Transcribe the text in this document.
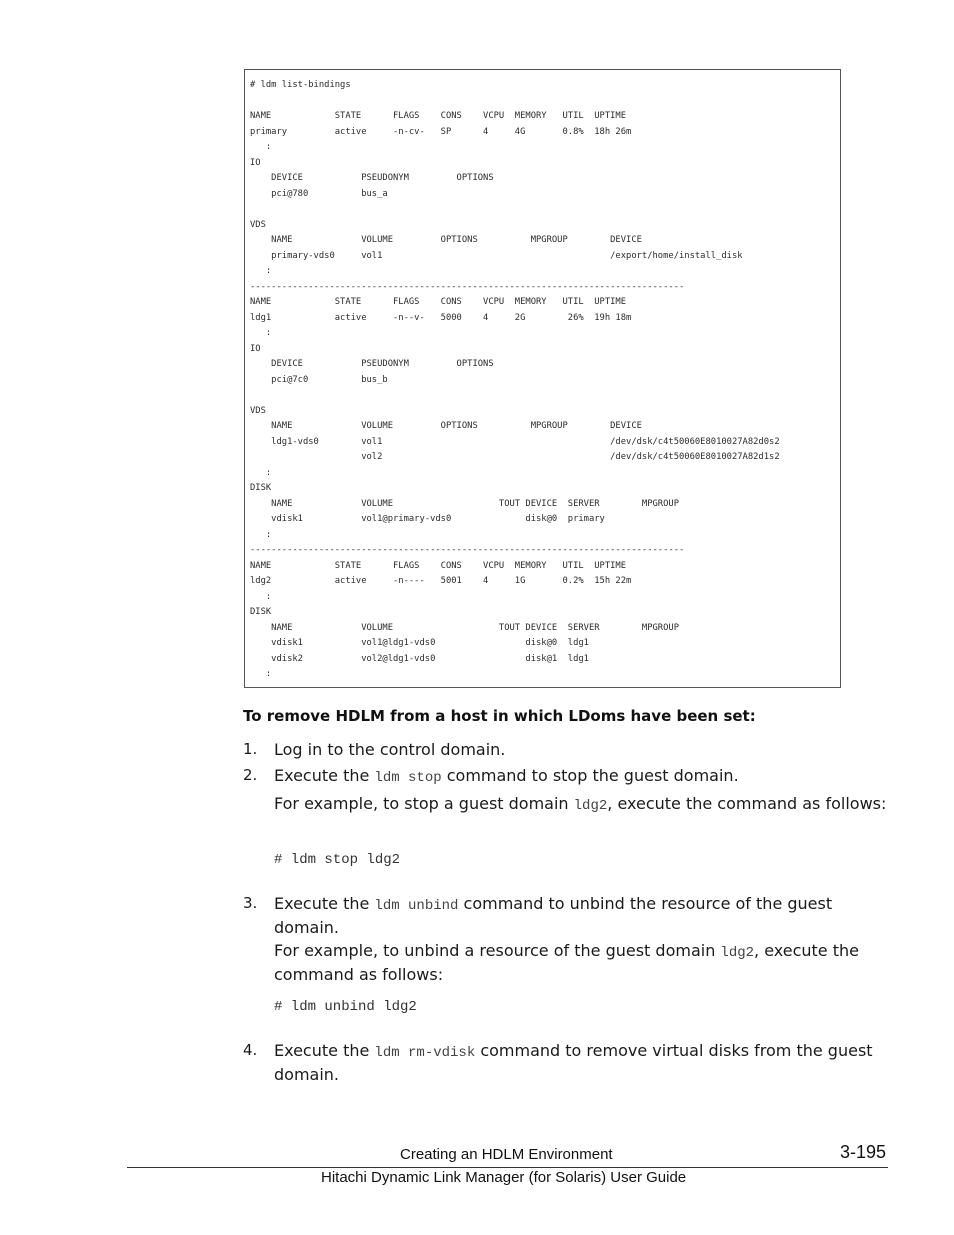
# ldm list-bindings

NAME            STATE      FLAGS    CONS    VCPU  MEMORY   UTIL  UPTIME
primary         active     -n-cv-   SP      4     4G       0.8%  18h 26m
:
IO
DEVICE           PSEUDONYM         OPTIONS
pci@780          bus_a

VDS
NAME             VOLUME         OPTIONS          MPGROUP        DEVICE
primary-vds0     vol1                                           /export/home/install_disk
:
----------------------------------------------------------------------------------
NAME            STATE      FLAGS    CONS    VCPU  MEMORY   UTIL  UPTIME
ldg1            active     -n--v-   5000    4     2G        26%  19h 18m
:
IO
DEVICE           PSEUDONYM         OPTIONS
pci@7c0          bus_b

VDS
NAME             VOLUME         OPTIONS          MPGROUP        DEVICE
ldg1-vds0        vol1                                           /dev/dsk/c4t50060E8010027A82d0s2
vol2                                           /dev/dsk/c4t50060E8010027A82d1s2
:
DISK
NAME             VOLUME                    TOUT DEVICE  SERVER        MPGROUP
vdisk1           vol1@primary-vds0              disk@0  primary
:
----------------------------------------------------------------------------------
NAME            STATE      FLAGS    CONS    VCPU  MEMORY   UTIL  UPTIME
ldg2            active     -n----   5001    4     1G       0.2%  15h 22m
:
DISK
NAME             VOLUME                    TOUT DEVICE  SERVER        MPGROUP
vdisk1           vol1@ldg1-vds0                 disk@0  ldg1
vdisk2           vol2@ldg1-vds0                 disk@1  ldg1
:
To remove HDLM from a host in which LDoms have been set:
1. Log in to the control domain.

2. Execute the ldm stop command to stop the guest domain.

For example, to stop a guest domain ldg2, execute the command as follows:

# ldm stop ldg2
3. Execute the ldm unbind command to unbind the resource of the guest domain.

For example, to unbind a resource of the guest domain ldg2, execute the command as follows:

# ldm unbind ldg2
4. Execute the ldm rm-vdisk command to remove virtual disks from the guest domain.

Creating an HDLM Environment	3-195
Hitachi Dynamic Link Manager (for Solaris) User Guide
